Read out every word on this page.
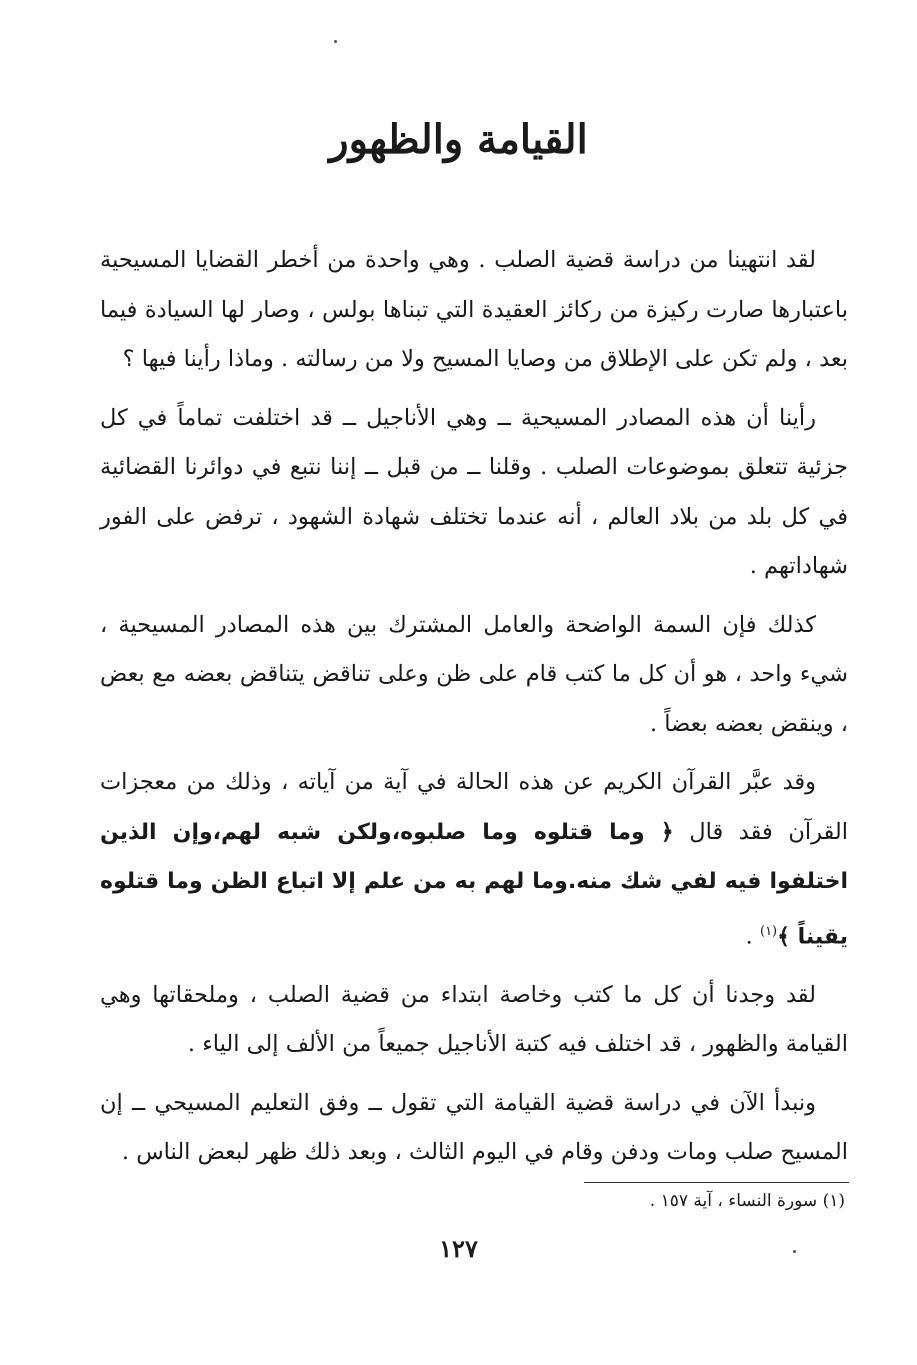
القيامة والظهور

لقد انتهينا من دراسة قضية الصلب . وهي واحدة من أخطر القضايا المسيحية باعتبارها صارت ركيزة من ركائز العقيدة التي تبناها بولس ، وصار لها السيادة فيما بعد ، ولم تكن على الإطلاق من وصايا المسيح ولا من رسالته . وماذا رأينا فيها ؟

رأينا أن هذه المصادر المسيحية ــ وهي الأناجيل ــ قد اختلفت تماماً في كل جزئية تتعلق بموضوعات الصلب . وقلنا ــ من قبل ــ إننا نتبع في دوائرنا القضائية في كل بلد من بلاد العالم ، أنه عندما تختلف شهادة الشهود ، ترفض على الفور شهاداتهم .

كذلك فإن السمة الواضحة والعامل المشترك بين هذه المصادر المسيحية ، شيء واحد ، هو أن كل ما كتب قام على ظن وعلى تناقض يتناقض بعضه مع بعض ، وينقض بعضه بعضاً .

وقد عبَّر القرآن الكريم عن هذه الحالة في آية من آياته ، وذلك من معجزات القرآن فقد قال ﴿ وما قتلوه وما صلبوه،ولكن شبه لهم،وإن الذين اختلفوا فيه لفي شك منه.وما لهم به من علم إلا اتباع الظن وما قتلوه يقيناً ﴾$^{(١)}$ .

لقد وجدنا أن كل ما كتب وخاصة ابتداء من قضية الصلب ، وملحقاتها وهي القيامة والظهور ، قد اختلف فيه كتبة الأناجيل جميعاً من الألف إلى الياء .

ونبدأ الآن في دراسة قضية القيامة التي تقول ــ وفق التعليم المسيحي ــ إن المسيح صلب ومات ودفن وقام في اليوم الثالث ، وبعد ذلك ظهر لبعض الناس .

(١) سورة النساء ، آية ١٥٧ .
١٢٧
